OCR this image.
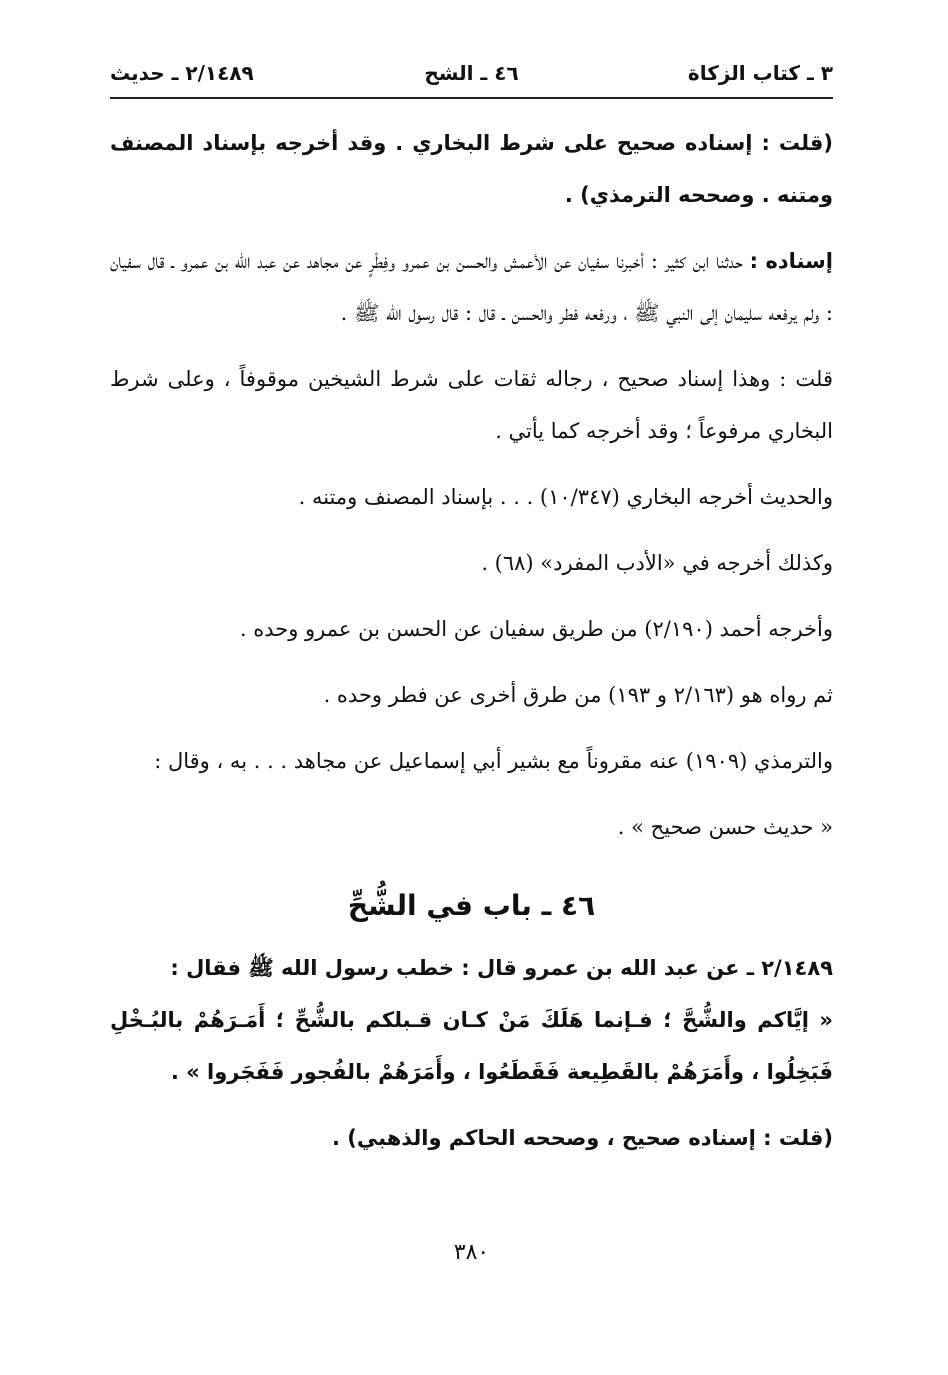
٣ ـ كتاب الزكاة
٤٦ ـ الشح
٢/١٤٨٩ ـ حديث

(قلت : إسناده صحيح على شرط البخاري . وقد أخرجه بإسناد المصنف ومتنه . وصححه الترمذي) .

إسناده : حدثنا ابن كثير : أخبرنا سفيان عن الأعمش والحسن بن عمرو وفِطْرٍ عن مجاهد عن عبد الله بن عمرو ـ قال سفيان : ولم يرفعه سليمان إلى النبي ﷺ ، ورفعه فطر والحسن ـ قال : قال رسول الله ﷺ .

قلت : وهذا إسناد صحيح ، رجاله ثقات على شرط الشيخين موقوفاً ، وعلى شرط البخاري مرفوعاً ؛ وقد أخرجه كما يأتي .

والحديث أخرجه البخاري (١٠/٣٤٧) . . . بإسناد المصنف ومتنه .

وكذلك أخرجه في «الأدب المفرد» (٦٨) .

وأخرجه أحمد (٢/١٩٠) من طريق سفيان عن الحسن بن عمرو وحده .

ثم رواه هو (٢/١٦٣ و ١٩٣) من طرق أخرى عن فطر وحده .

والترمذي (١٩٠٩) عنه مقروناً مع بشير أبي إسماعيل عن مجاهد . . . به ، وقال :

« حديث حسن صحيح » .

٤٦ ـ باب في الشُّحِّ

٢/١٤٨٩ ـ عن عبد الله بن عمرو قال : خطب رسول الله ﷺ فقال :

« إيَّاكم والشُّحَّ ؛ فـإنما هَلَكَ مَنْ كـان قـبلكم بالشُّحِّ ؛ أَمَـرَهُمْ بالبُـخْلِ فَبَخِلُوا ، وأَمَرَهُمْ بالقَطِيعة فَقَطَعُوا ، وأَمَرَهُمْ بالفُجور فَفَجَروا » .

(قلت : إسناده صحيح ، وصححه الحاكم والذهبي) .

٣٨٠
